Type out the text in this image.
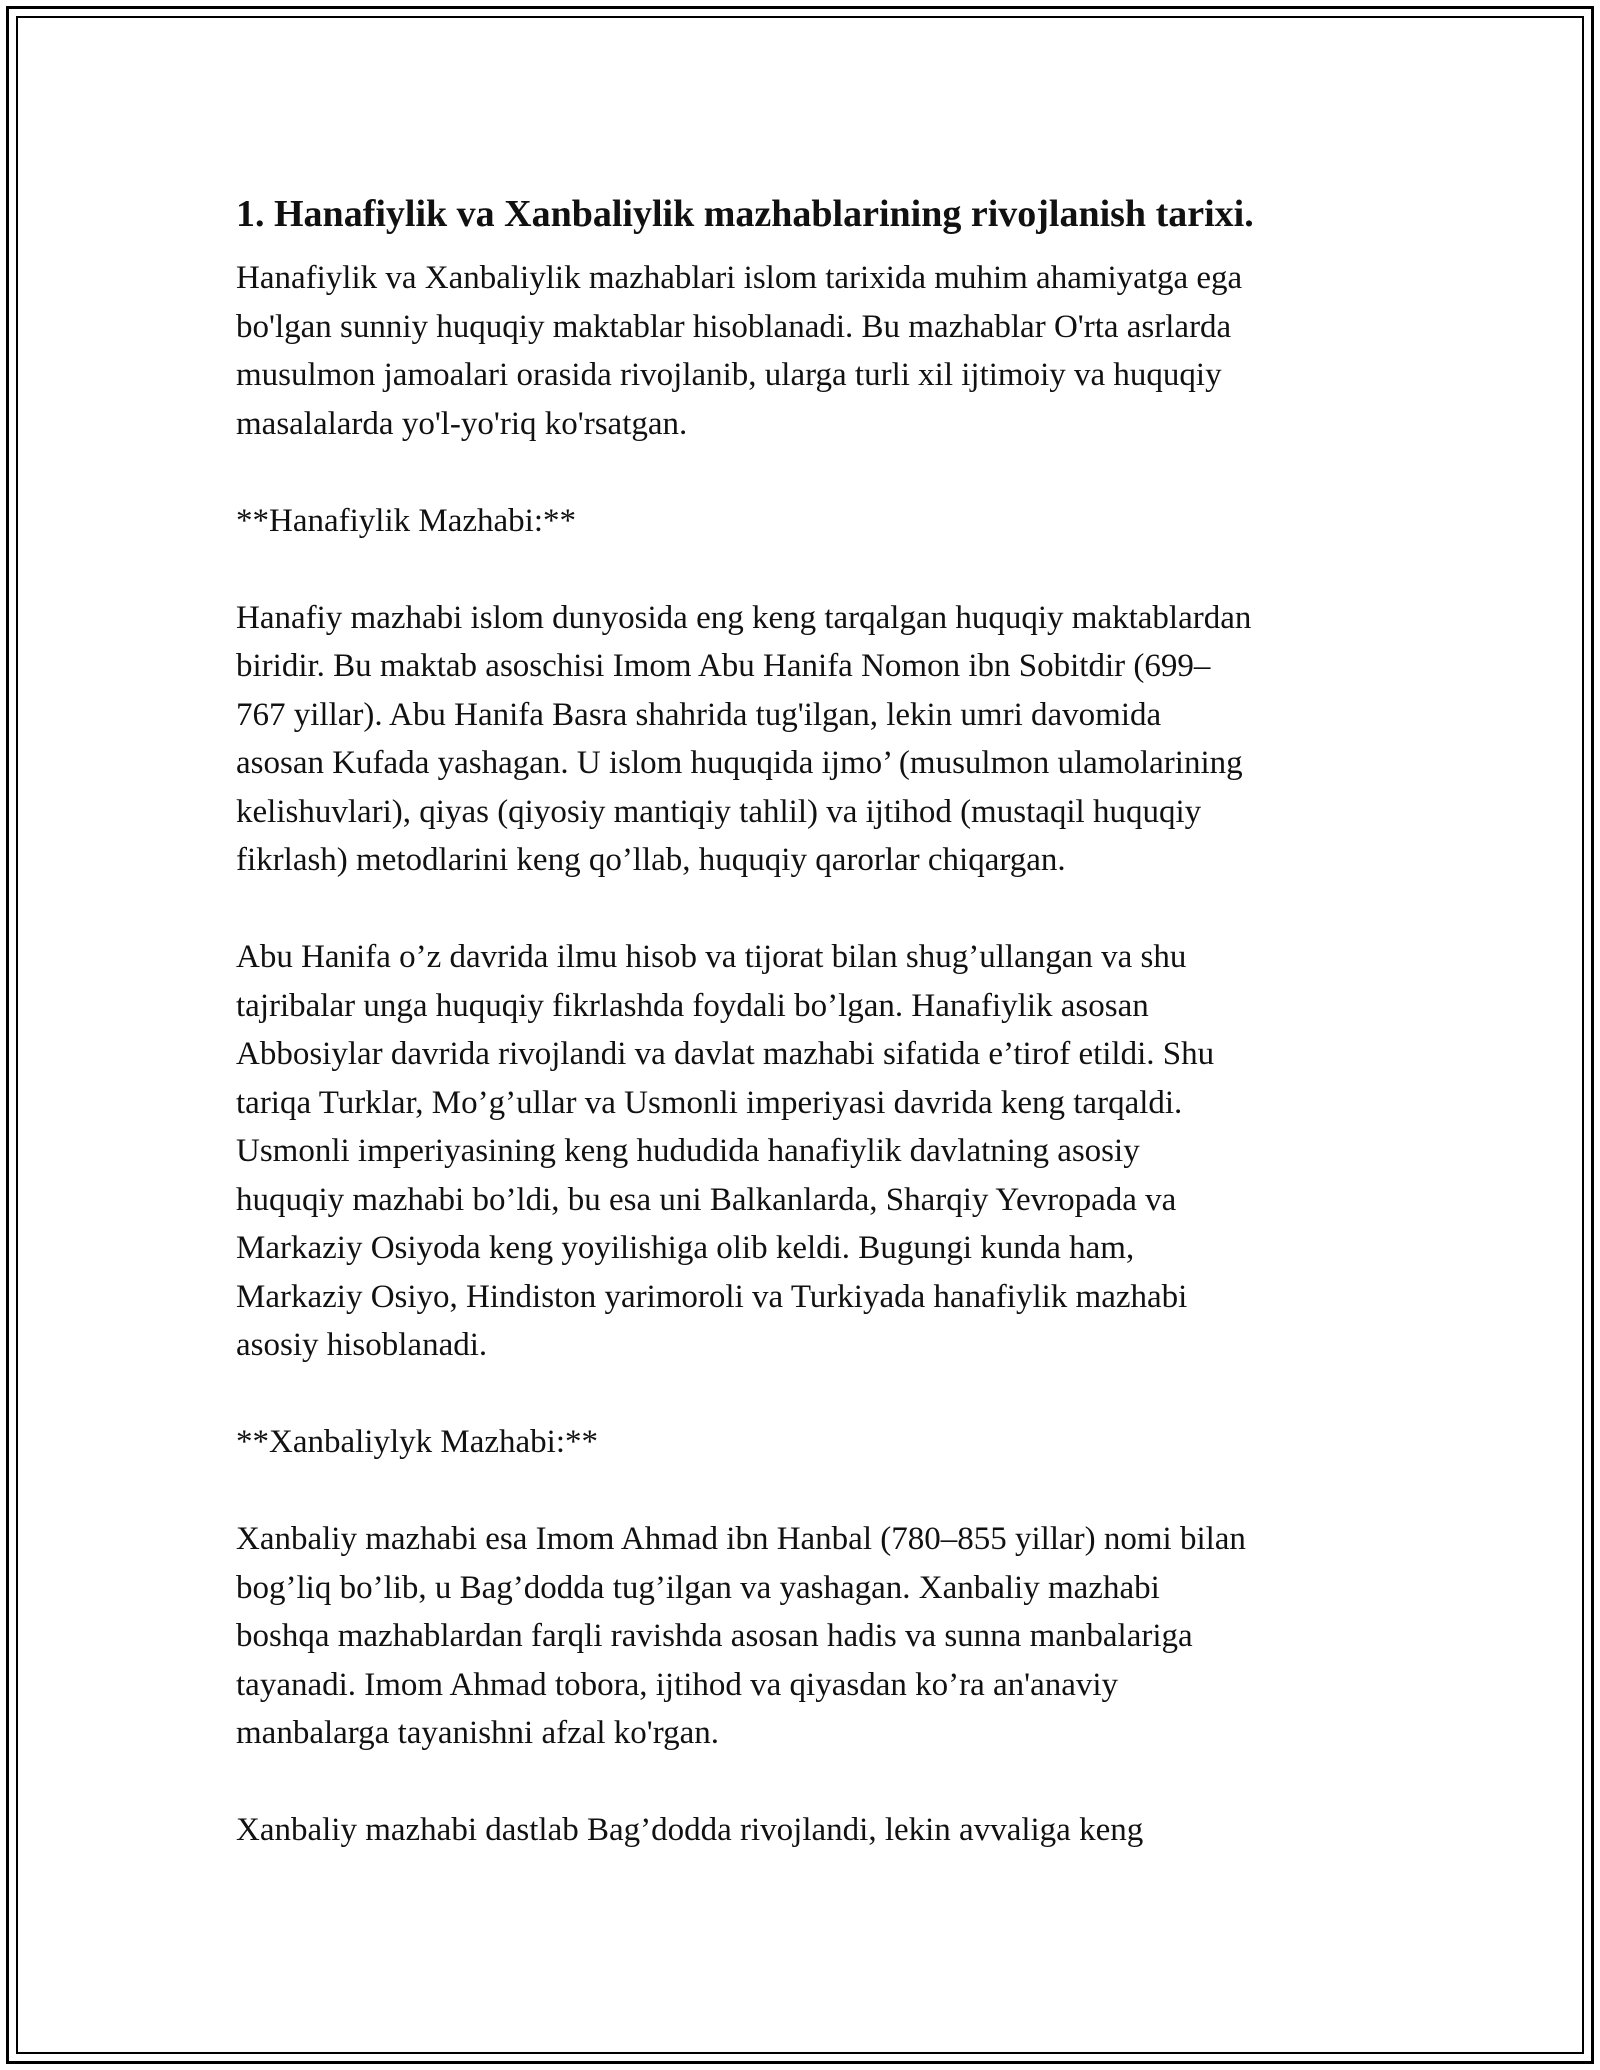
1. Hanafiylik va Xanbaliylik mazhablarining rivojlanish tarixi.
Hanafiylik va Xanbaliylik mazhablari islom tarixida muhim ahamiyatga ega
bo'lgan sunniy huquqiy maktablar hisoblanadi. Bu mazhablar O'rta asrlarda
musulmon jamoalari orasida rivojlanib, ularga turli xil ijtimoiy va huquqiy
masalalarda yo'l-yo'riq ko'rsatgan.
**Hanafiylik Mazhabi:**
Hanafiy mazhabi islom dunyosida eng keng tarqalgan huquqiy maktablardan
biridir. Bu maktab asoschisi Imom Abu Hanifa Nomon ibn Sobitdir (699–
767 yillar). Abu Hanifa Basra shahrida tug'ilgan, lekin umri davomida
asosan Kufada yashagan. U islom huquqida ijmo’ (musulmon ulamolarining
kelishuvlari), qiyas (qiyosiy mantiqiy tahlil) va ijtihod (mustaqil huquqiy
fikrlash) metodlarini keng qo’llab, huquqiy qarorlar chiqargan.
Abu Hanifa o’z davrida ilmu hisob va tijorat bilan shug’ullangan va shu
tajribalar unga huquqiy fikrlashda foydali bo’lgan. Hanafiylik asosan
Abbosiylar davrida rivojlandi va davlat mazhabi sifatida e’tirof etildi. Shu
tariqa Turklar, Mo’g’ullar va Usmonli imperiyasi davrida keng tarqaldi.
Usmonli imperiyasining keng hududida hanafiylik davlatning asosiy
huquqiy mazhabi bo’ldi, bu esa uni Balkanlarda, Sharqiy Yevropada va
Markaziy Osiyoda keng yoyilishiga olib keldi. Bugungi kunda ham,
Markaziy Osiyo, Hindiston yarimoroli va Turkiyada hanafiylik mazhabi
asosiy hisoblanadi.
**Xanbaliylyk Mazhabi:**
Xanbaliy mazhabi esa Imom Ahmad ibn Hanbal (780–855 yillar) nomi bilan
bog’liq bo’lib, u Bag’dodda tug’ilgan va yashagan. Xanbaliy mazhabi
boshqa mazhablardan farqli ravishda asosan hadis va sunna manbalariga
tayanadi. Imom Ahmad tobora, ijtihod va qiyasdan ko’ra an'anaviy
manbalarga tayanishni afzal ko'rgan.
Xanbaliy mazhabi dastlab Bag’dodda rivojlandi, lekin avvaliga keng
